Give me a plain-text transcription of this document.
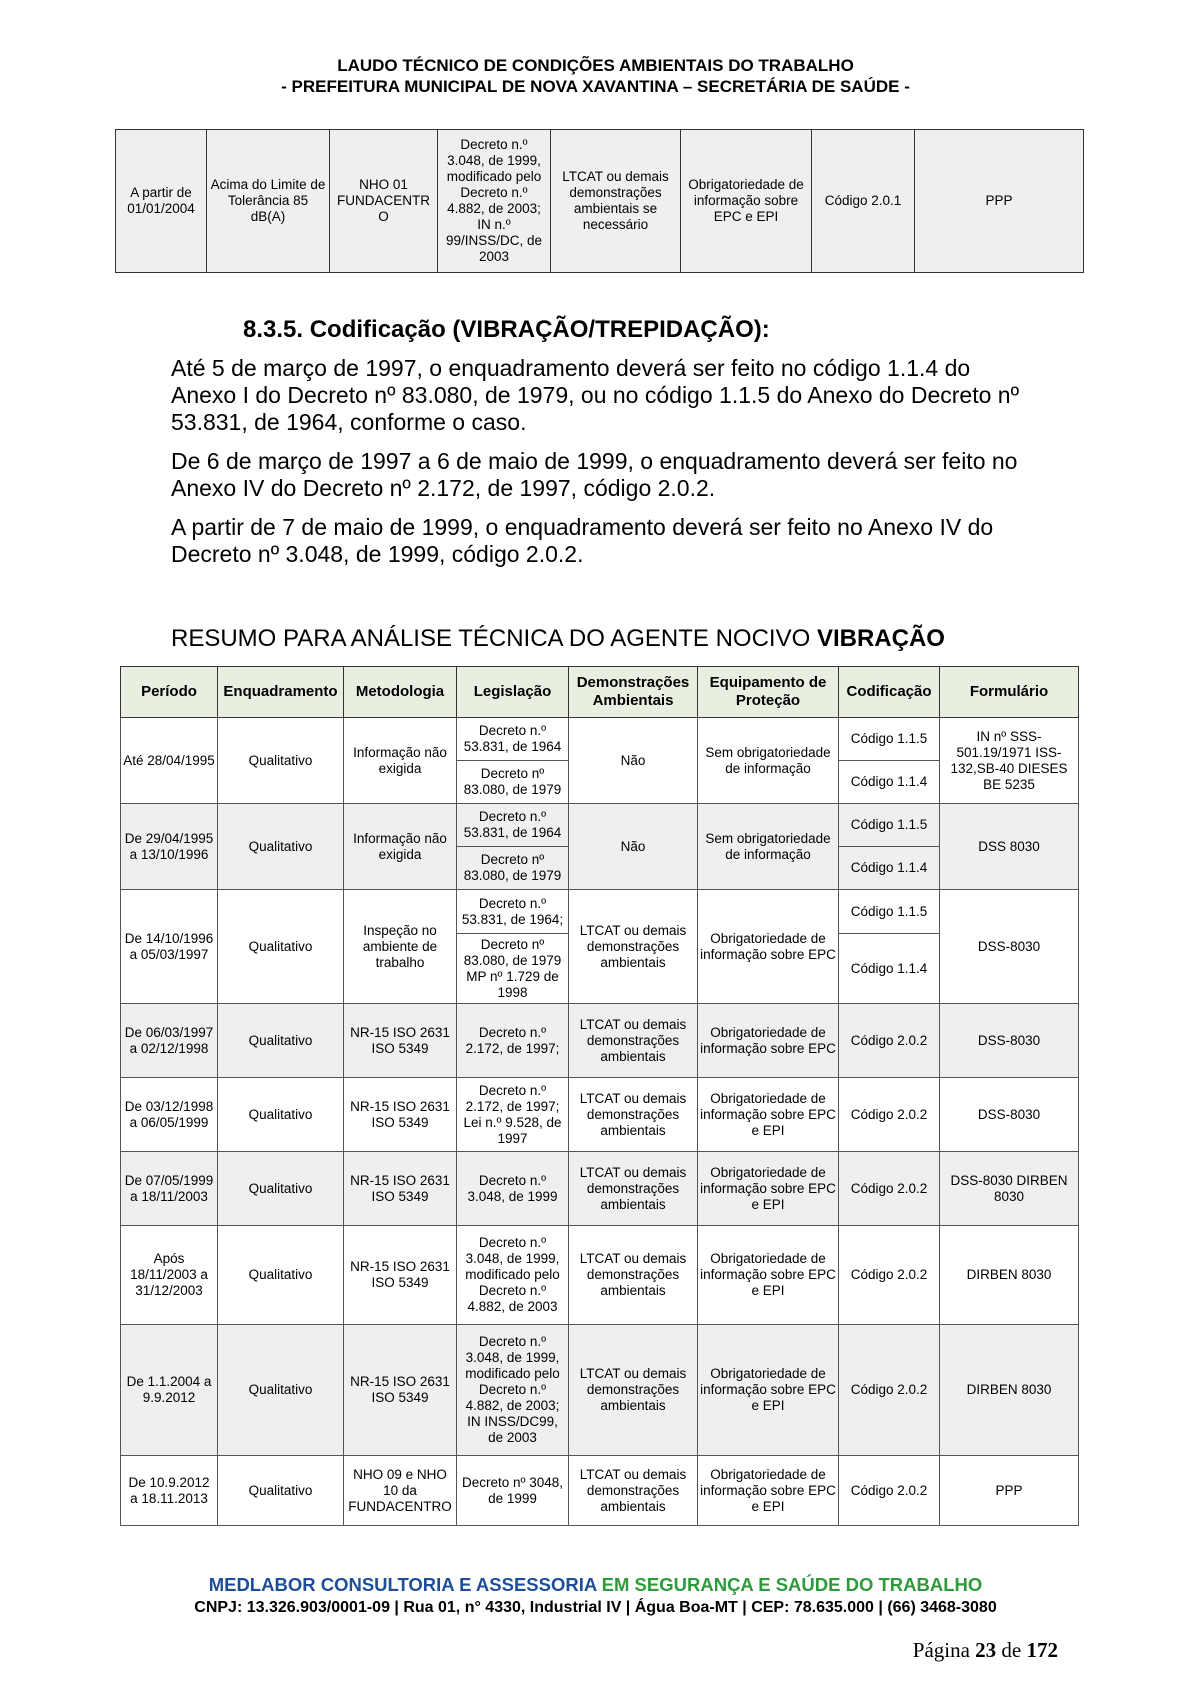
LAUDO TÉCNICO DE CONDIÇÕES AMBIENTAIS DO TRABALHO
- PREFEITURA MUNICIPAL DE NOVA XAVANTINA – SECRETÁRIA DE SAÚDE -
A partir de 01/01/2004	Acima do Limite de Tolerância 85 dB(A)	NHO 01 FUNDACENTRO	Decreto n.º 3.048, de 1999, modificado pelo Decreto n.º 4.882, de 2003; IN n.º 99/INSS/DC, de 2003	LTCAT ou demais demonstrações ambientais se necessário	Obrigatoriedade de informação sobre EPC e EPI	Código 2.0.1	PPP
8.3.5. Codificação (VIBRAÇÃO/TREPIDAÇÃO):

Até 5 de março de 1997, o enquadramento deverá ser feito no código 1.1.4 do Anexo I do Decreto nº 83.080, de 1979, ou no código 1.1.5 do Anexo do Decreto nº 53.831, de 1964, conforme o caso.

De 6 de março de 1997 a 6 de maio de 1999, o enquadramento deverá ser feito no Anexo IV do Decreto nº 2.172, de 1997, código 2.0.2.

A partir de 7 de maio de 1999, o enquadramento deverá ser feito no Anexo IV do Decreto nº 3.048, de 1999, código 2.0.2.

RESUMO PARA ANÁLISE TÉCNICA DO AGENTE NOCIVO VIBRAÇÃO
Período	Enquadramento	Metodologia	Legislação	Demonstrações Ambientais	Equipamento de Proteção	Codificação	Formulário
Até 28/04/1995	Qualitativo	Informação não exigida	Decreto n.º 53.831, de 1964	Não	Sem obrigatoriedade de informação	Código 1.1.5	IN nº SSS-501.19/1971 ISS-132,SB-40 DIESES BE 5235
			Decreto nº 83.080, de 1979			Código 1.1.4	
De 29/04/1995 a 13/10/1996	Qualitativo	Informação não exigida	Decreto n.º 53.831, de 1964	Não	Sem obrigatoriedade de informação	Código 1.1.5	DSS 8030
			Decreto nº 83.080, de 1979			Código 1.1.4	
De 14/10/1996 a 05/03/1997	Qualitativo	Inspeção no ambiente de trabalho	Decreto n.º 53.831, de 1964;	LTCAT ou demais demonstrações ambientais	Obrigatoriedade de informação sobre EPC	Código 1.1.5	DSS-8030
			Decreto nº 83.080, de 1979 MP nº 1.729 de 1998			Código 1.1.4	
De 06/03/1997 a 02/12/1998	Qualitativo	NR-15 ISO 2631 ISO 5349	Decreto n.º 2.172, de 1997;	LTCAT ou demais demonstrações ambientais	Obrigatoriedade de informação sobre EPC	Código 2.0.2	DSS-8030
De 03/12/1998 a 06/05/1999	Qualitativo	NR-15 ISO 2631 ISO 5349	Decreto n.º 2.172, de 1997; Lei n.º 9.528, de 1997	LTCAT ou demais demonstrações ambientais	Obrigatoriedade de informação sobre EPC e EPI	Código 2.0.2	DSS-8030
De 07/05/1999 a 18/11/2003	Qualitativo	NR-15 ISO 2631 ISO 5349	Decreto n.º 3.048, de 1999	LTCAT ou demais demonstrações ambientais	Obrigatoriedade de informação sobre EPC e EPI	Código 2.0.2	DSS-8030 DIRBEN 8030
Após 18/11/2003 a 31/12/2003	Qualitativo	NR-15 ISO 2631 ISO 5349	Decreto n.º 3.048, de 1999, modificado pelo Decreto n.º 4.882, de 2003	LTCAT ou demais demonstrações ambientais	Obrigatoriedade de informação sobre EPC e EPI	Código 2.0.2	DIRBEN 8030
De 1.1.2004 a 9.9.2012	Qualitativo	NR-15 ISO 2631 ISO 5349	Decreto n.º 3.048, de 1999, modificado pelo Decreto n.º 4.882, de 2003; IN INSS/DC99, de 2003	LTCAT ou demais demonstrações ambientais	Obrigatoriedade de informação sobre EPC e EPI	Código 2.0.2	DIRBEN 8030
De 10.9.2012 a 18.11.2013	Qualitativo	NHO 09 e NHO 10 da FUNDACENTRO	Decreto nº 3048, de 1999	LTCAT ou demais demonstrações ambientais	Obrigatoriedade de informação sobre EPC e EPI	Código 2.0.2	PPP
MEDLABOR CONSULTORIA E ASSESSORIA EM SEGURANÇA E SAÚDE DO TRABALHO
CNPJ: 13.326.903/0001-09 | Rua 01, n° 4330, Industrial IV | Água Boa-MT | CEP: 78.635.000 | (66) 3468-3080
Página 23 de 172
